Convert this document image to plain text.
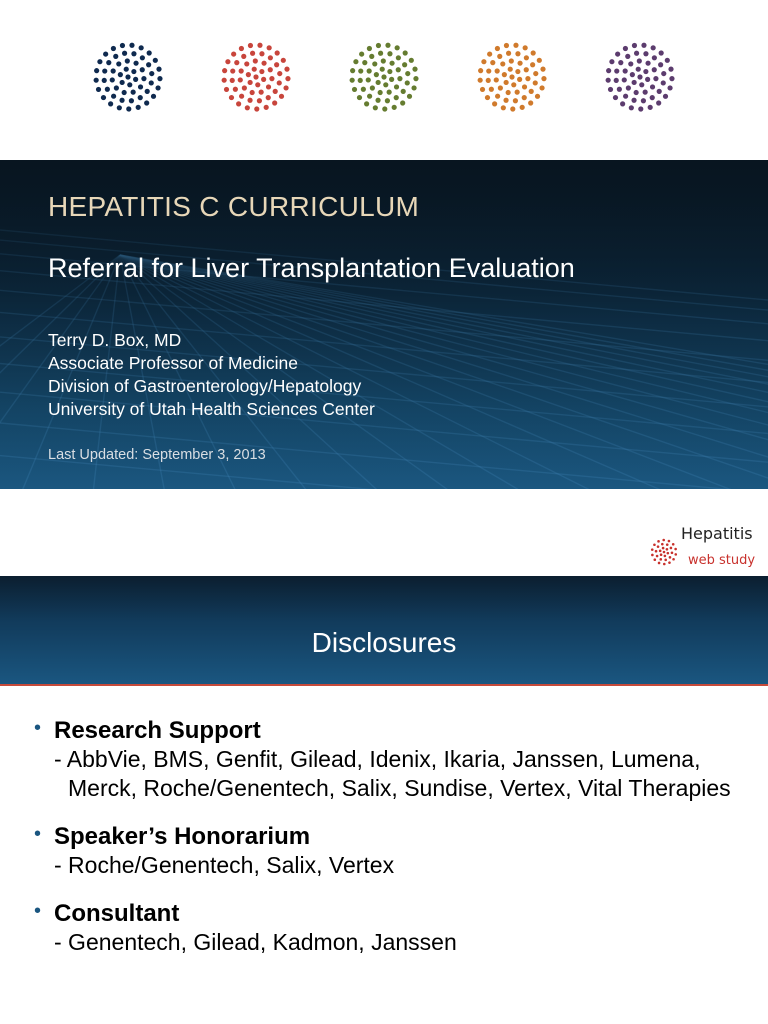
HEPATITIS C CURRICULUM
Referral for Liver Transplantation Evaluation
Terry D. Box, MD
Associate Professor of Medicine
Division of Gastroenterology/Hepatology
University of Utah Health Sciences Center
Last Updated: September 3, 2013
Hepatitis
web study
Disclosures
• Research Support
- AbbVie, BMS, Genfit, Gilead, Idenix, Ikaria, Janssen, Lumena, Merck, Roche/Genentech, Salix, Sundise, Vertex, Vital Therapies
• Speaker’s Honorarium
- Roche/Genentech, Salix, Vertex
• Consultant
- Genentech, Gilead, Kadmon, Janssen
